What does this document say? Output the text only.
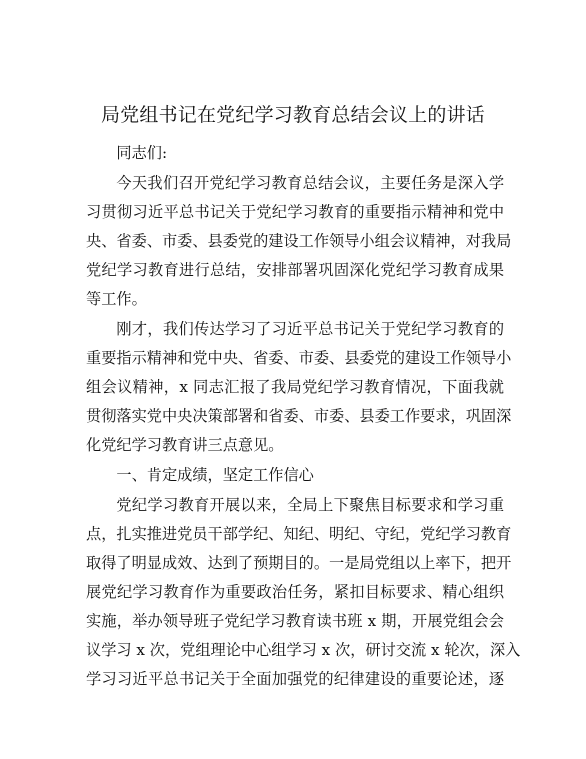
局党组书记在党纪学习教育总结会议上的讲话

同志们:

今天我们召开党纪学习教育总结会议，主要任务是深入学
习贯彻习近平总书记关于党纪学习教育的重要指示精神和党中
央、省委、市委、县委党的建设工作领导小组会议精神，对我局
党纪学习教育进行总结，安排部署巩固深化党纪学习教育成果
等工作。

刚才，我们传达学习了习近平总书记关于党纪学习教育的
重要指示精神和党中央、省委、市委、县委党的建设工作领导小
组会议精神，x 同志汇报了我局党纪学习教育情况，下面我就
贯彻落实党中央决策部署和省委、市委、县委工作要求，巩固深
化党纪学习教育讲三点意见。

一、肯定成绩，坚定工作信心

党纪学习教育开展以来，全局上下聚焦目标要求和学习重
点，扎实推进党员干部学纪、知纪、明纪、守纪，党纪学习教育
取得了明显成效、达到了预期目的。一是局党组以上率下，把开
展党纪学习教育作为重要政治任务，紧扣目标要求、精心组织
实施，举办领导班子党纪学习教育读书班 x 期，开展党组会会
议学习 x 次，党组理论中心组学习 x 次，研讨交流 x 轮次，深入
学习习近平总书记关于全面加强党的纪律建设的重要论述，逐
